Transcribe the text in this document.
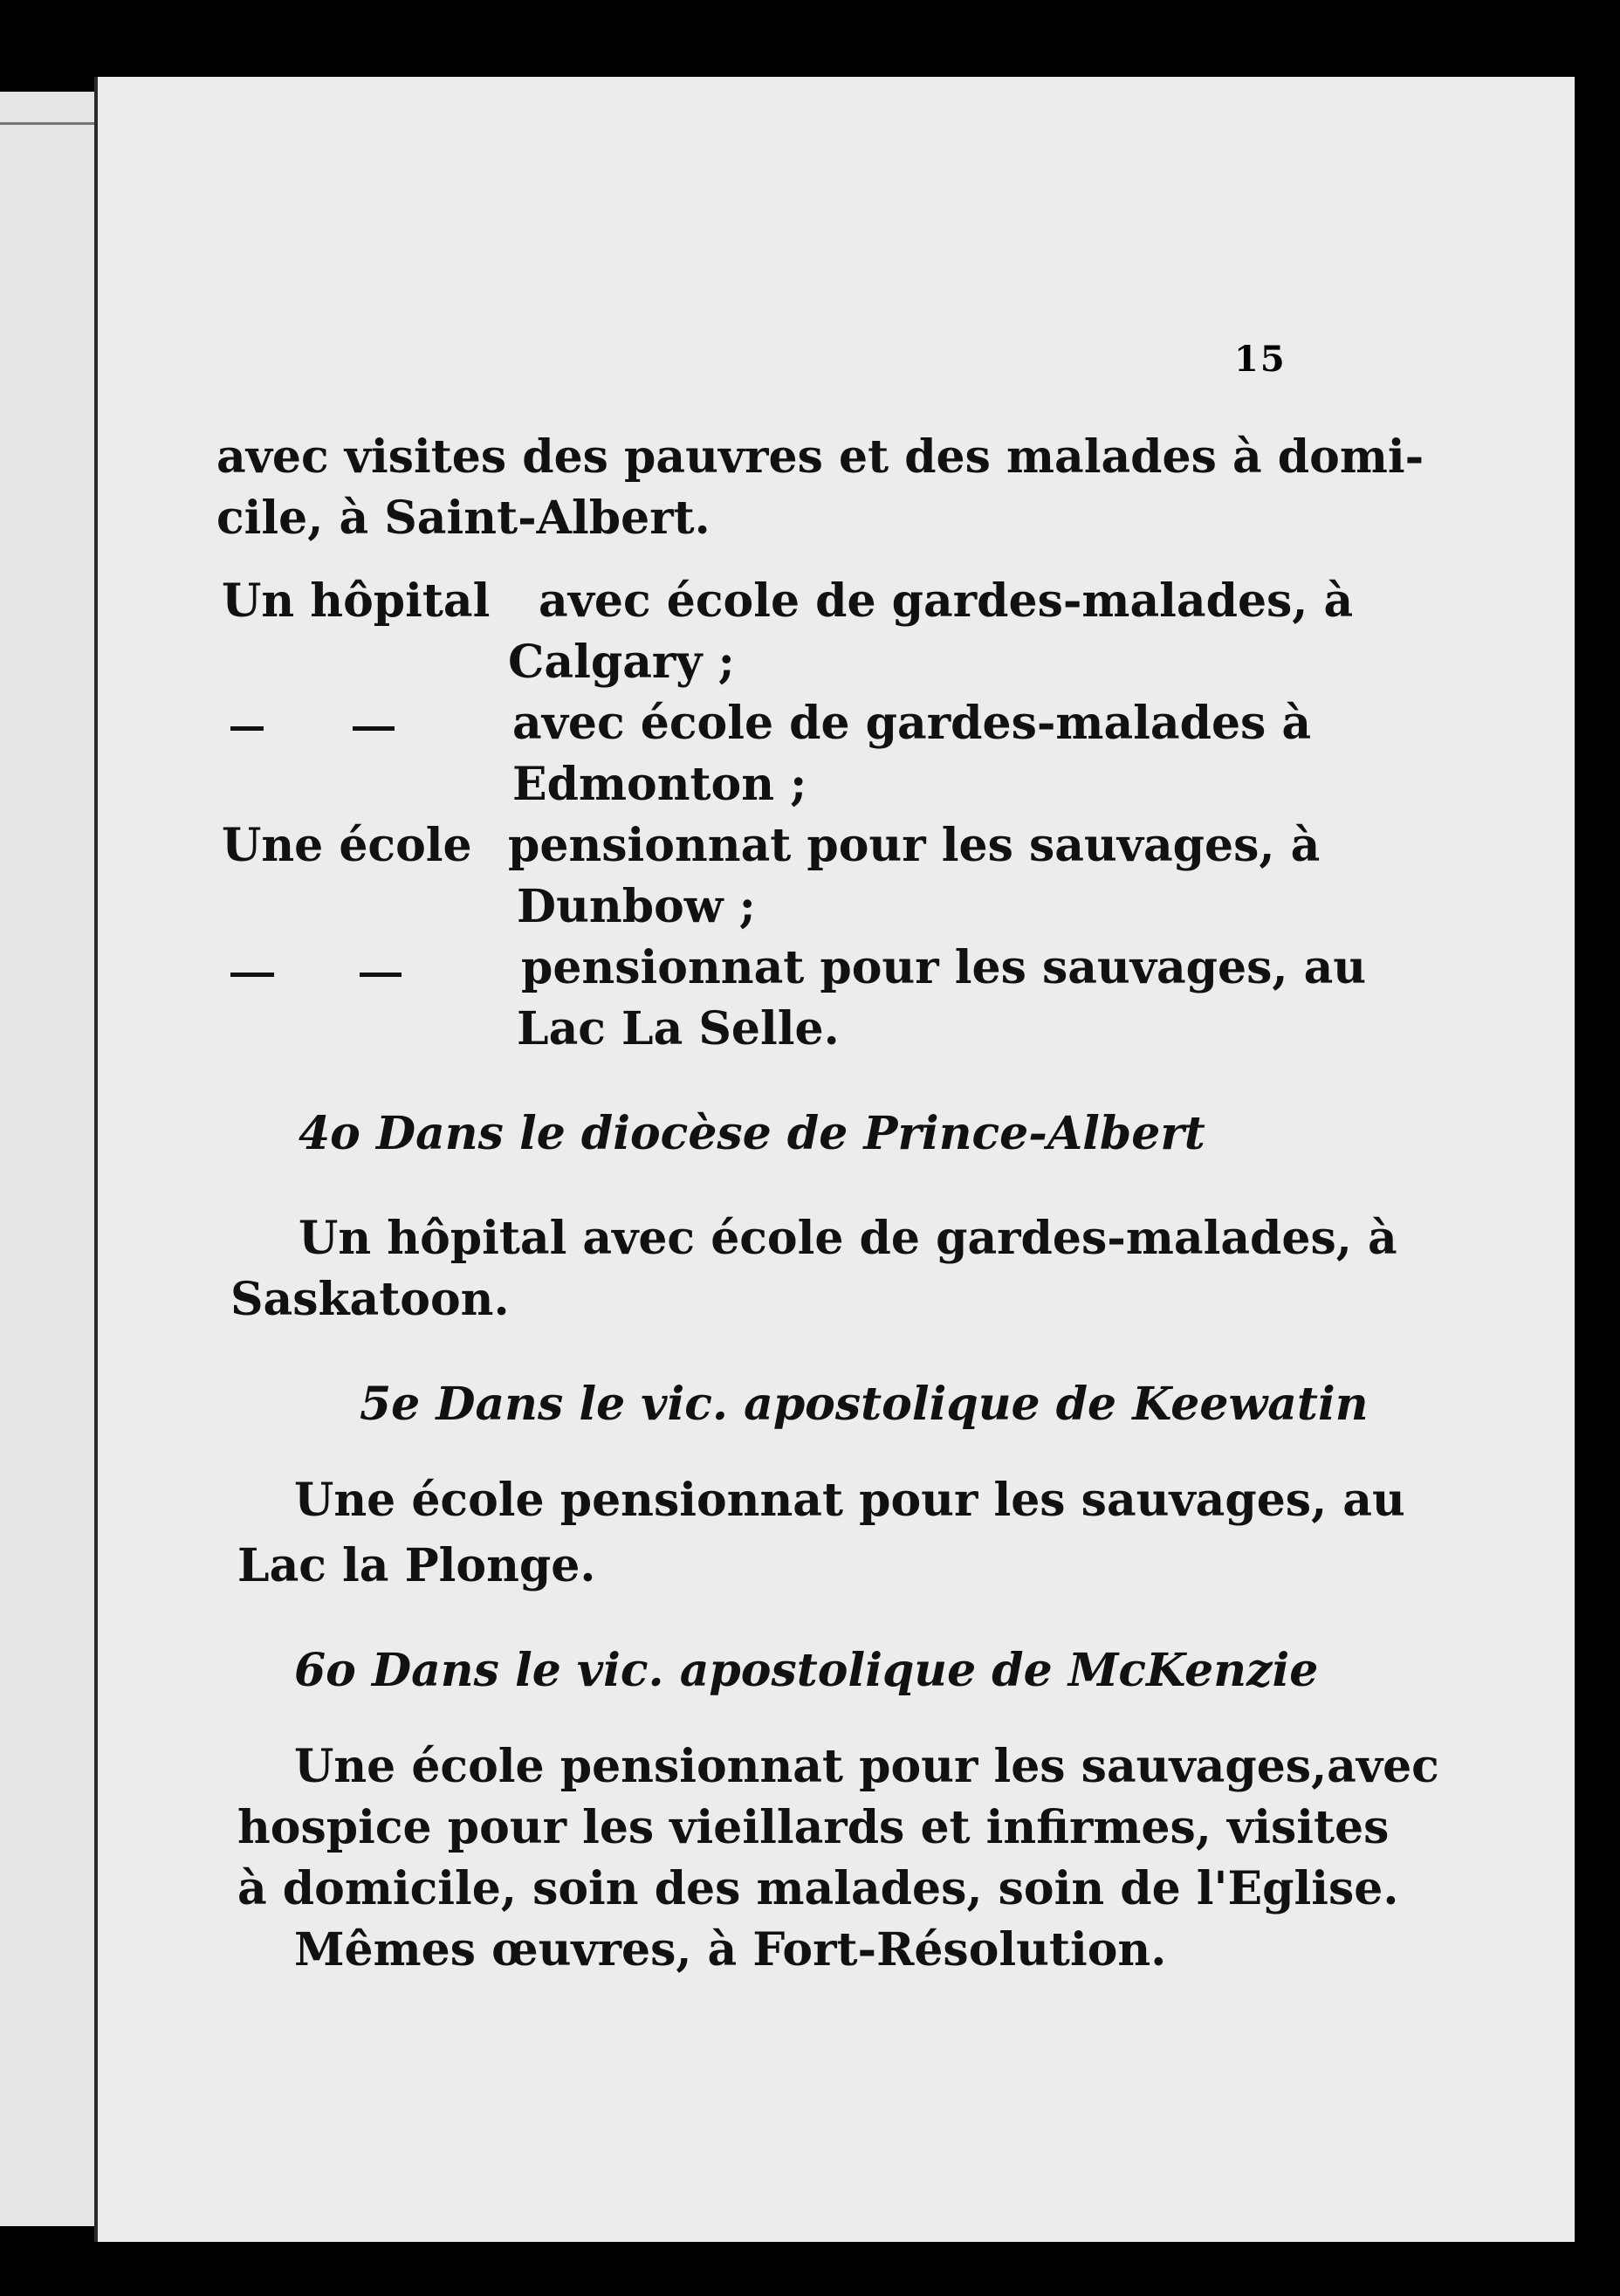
15
avec visites des pauvres et des malades à domi-
cile, à Saint-Albert.
Un hôpital avec école de gardes-malades, à
Calgary ;
avec école de gardes-malades à
Edmonton ;
Une école pensionnat pour les sauvages, à
Dunbow ;
pensionnat pour les sauvages, au
Lac La Selle.
4o Dans le diocèse de Prince-Albert
Un hôpital avec école de gardes-malades, à
Saskatoon.
5e Dans le vic. apostolique de Keewatin
Une école pensionnat pour les sauvages, au
Lac la Plonge.
6o Dans le vic. apostolique de McKenzie
Une école pensionnat pour les sauvages,avec
hospice pour les vieillards et infirmes, visites
à domicile, soin des malades, soin de l'Eglise.
Mêmes œuvres, à Fort-Résolution.
